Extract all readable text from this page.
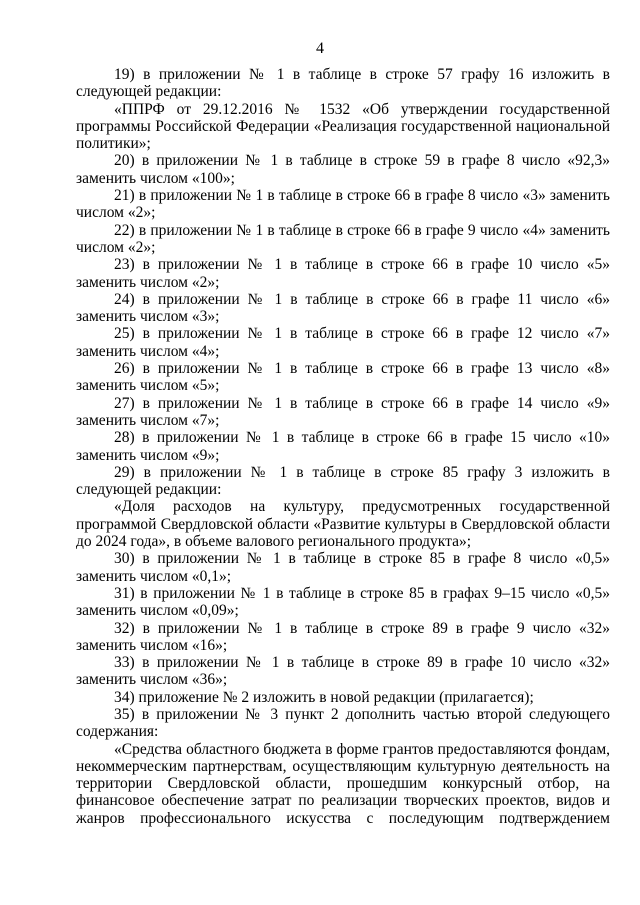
4

19) в приложении № 1 в таблице в строке 57 графу 16 изложить в следующей редакции:

«ППРФ от 29.12.2016 № 1532 «Об утверждении государственной программы Российской Федерации «Реализация государственной национальной политики»;

20) в приложении № 1 в таблице в строке 59 в графе 8 число «92,3» заменить числом «100»;

21) в приложении № 1 в таблице в строке 66 в графе 8 число «3» заменить числом «2»;

22) в приложении № 1 в таблице в строке 66 в графе 9 число «4» заменить числом «2»;

23) в приложении № 1 в таблице в строке 66 в графе 10 число «5» заменить числом «2»;

24) в приложении № 1 в таблице в строке 66 в графе 11 число «6» заменить числом «3»;

25) в приложении № 1 в таблице в строке 66 в графе 12 число «7» заменить числом «4»;

26) в приложении № 1 в таблице в строке 66 в графе 13 число «8» заменить числом «5»;

27) в приложении № 1 в таблице в строке 66 в графе 14 число «9» заменить числом «7»;

28) в приложении № 1 в таблице в строке 66 в графе 15 число «10» заменить числом «9»;

29) в приложении № 1 в таблице в строке 85 графу 3 изложить в следующей редакции:

«Доля расходов на культуру, предусмотренных государственной программой Свердловской области «Развитие культуры в Свердловской области до 2024 года», в объеме валового регионального продукта»;

30) в приложении № 1 в таблице в строке 85 в графе 8 число «0,5» заменить числом «0,1»;

31) в приложении № 1 в таблице в строке 85 в графах 9–15 число «0,5» заменить числом «0,09»;

32) в приложении № 1 в таблице в строке 89 в графе 9 число «32» заменить числом «16»;

33) в приложении № 1 в таблице в строке 89 в графе 10 число «32» заменить числом «36»;

34) приложение № 2 изложить в новой редакции (прилагается);

35) в приложении № 3 пункт 2 дополнить частью второй следующего содержания:

«Средства областного бюджета в форме грантов предоставляются фондам, некоммерческим партнерствам, осуществляющим культурную деятельность на территории Свердловской области, прошедшим конкурсный отбор, на финансовое обеспечение затрат по реализации творческих проектов, видов и жанров профессионального искусства с последующим подтверждением
